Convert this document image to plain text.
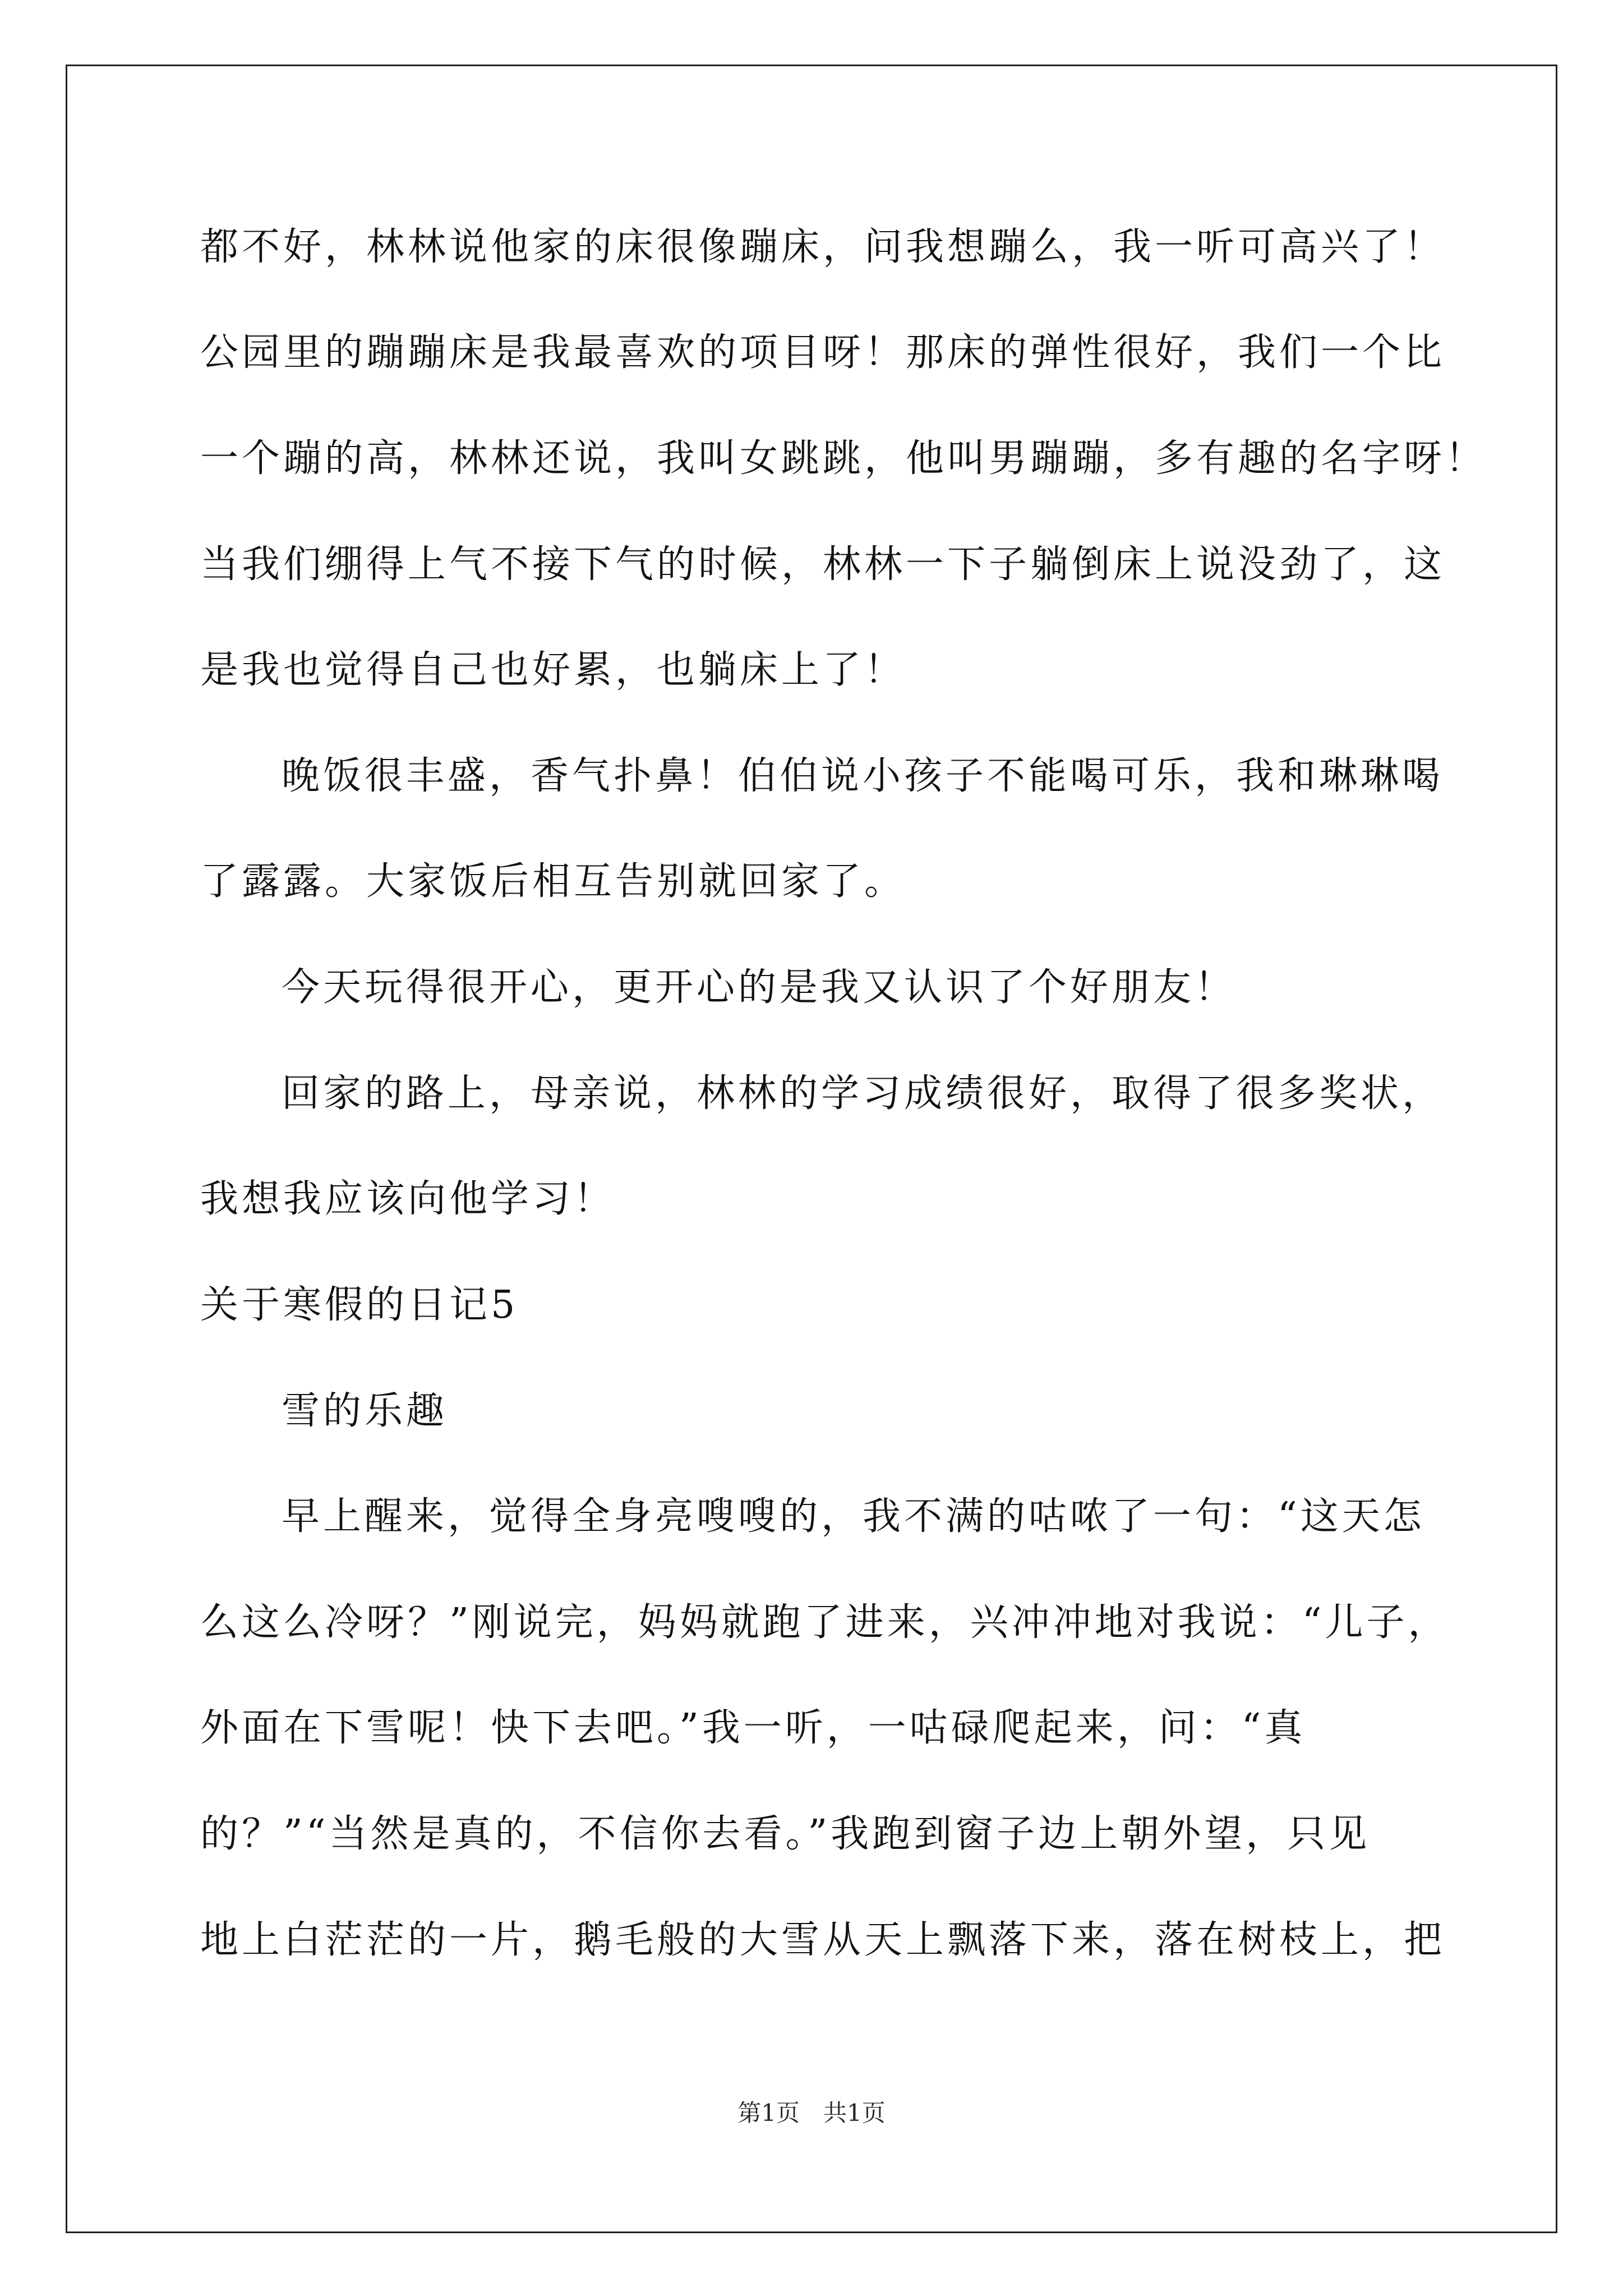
都不好，林林说他家的床很像蹦床，问我想蹦么，我一听可高兴了！
公园里的蹦蹦床是我最喜欢的项目呀！那床的弹性很好，我们一个比
一个蹦的高，林林还说，我叫女跳跳，他叫男蹦蹦，多有趣的名字呀！
当我们绷得上气不接下气的时候，林林一下子躺倒床上说没劲了，这
是我也觉得自己也好累，也躺床上了！
晚饭很丰盛，香气扑鼻！伯伯说小孩子不能喝可乐，我和琳琳喝
了露露。大家饭后相互告别就回家了。
今天玩得很开心，更开心的是我又认识了个好朋友！
回家的路上，母亲说，林林的学习成绩很好，取得了很多奖状，
我想我应该向他学习！
关于寒假的日记5
雪的乐趣
早上醒来，觉得全身亮嗖嗖的，我不满的咕哝了一句：“这天怎
么这么冷呀？”刚说完，妈妈就跑了进来，兴冲冲地对我说：“儿子，
外面在下雪呢！快下去吧。”我一听，一咕碌爬起来，问：“真
的？”“当然是真的，不信你去看。”我跑到窗子边上朝外望，只见
地上白茫茫的一片，鹅毛般的大雪从天上飘落下来，落在树枝上，把
第1页　共1页
